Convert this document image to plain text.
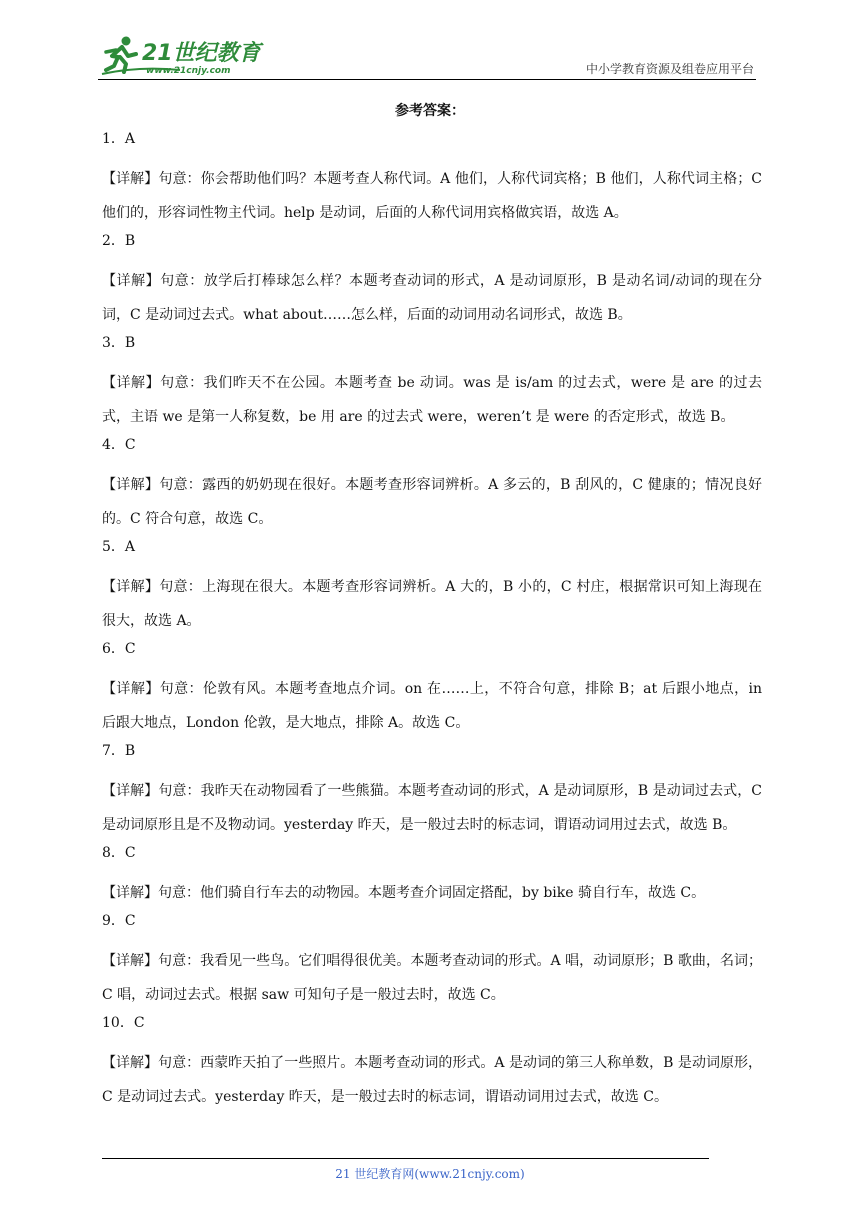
21世纪教育
www.21cnjy.com	中小学教育资源及组卷应用平台
参考答案：
1．A
【详解】句意：你会帮助他们吗？本题考查人称代词。A 他们，人称代词宾格；B 他们，人称代词主格；C 他们的，形容词性物主代词。help 是动词，后面的人称代词用宾格做宾语，故选 A。
2．B
【详解】句意：放学后打棒球怎么样？本题考查动词的形式，A 是动词原形，B 是动名词/动词的现在分词，C 是动词过去式。what about……怎么样，后面的动词用动名词形式，故选 B。
3．B
【详解】句意：我们昨天不在公园。本题考查 be 动词。was 是 is/am 的过去式，were 是 are 的过去式，主语 we 是第一人称复数，be 用 are 的过去式 were，weren’t 是 were 的否定形式，故选 B。
4．C
【详解】句意：露西的奶奶现在很好。本题考查形容词辨析。A 多云的，B 刮风的，C 健康的；情况良好的。C 符合句意，故选 C。
5．A
【详解】句意：上海现在很大。本题考查形容词辨析。A 大的，B 小的，C 村庄，根据常识可知上海现在很大，故选 A。
6．C
【详解】句意：伦敦有风。本题考查地点介词。on 在……上，不符合句意，排除 B；at 后跟小地点，in 后跟大地点，London 伦敦，是大地点，排除 A。故选 C。
7．B
【详解】句意：我昨天在动物园看了一些熊猫。本题考查动词的形式，A 是动词原形，B 是动词过去式，C 是动词原形且是不及物动词。yesterday 昨天，是一般过去时的标志词，谓语动词用过去式，故选 B。
8．C
【详解】句意：他们骑自行车去的动物园。本题考查介词固定搭配，by bike 骑自行车，故选 C。
9．C
【详解】句意：我看见一些鸟。它们唱得很优美。本题考查动词的形式。A 唱，动词原形；B 歌曲，名词；C 唱，动词过去式。根据 saw 可知句子是一般过去时，故选 C。
10．C
【详解】句意：西蒙昨天拍了一些照片。本题考查动词的形式。A 是动词的第三人称单数，B 是动词原形，C 是动词过去式。yesterday 昨天，是一般过去时的标志词，谓语动词用过去式，故选 C。
21 世纪教育网(www.21cnjy.com)
